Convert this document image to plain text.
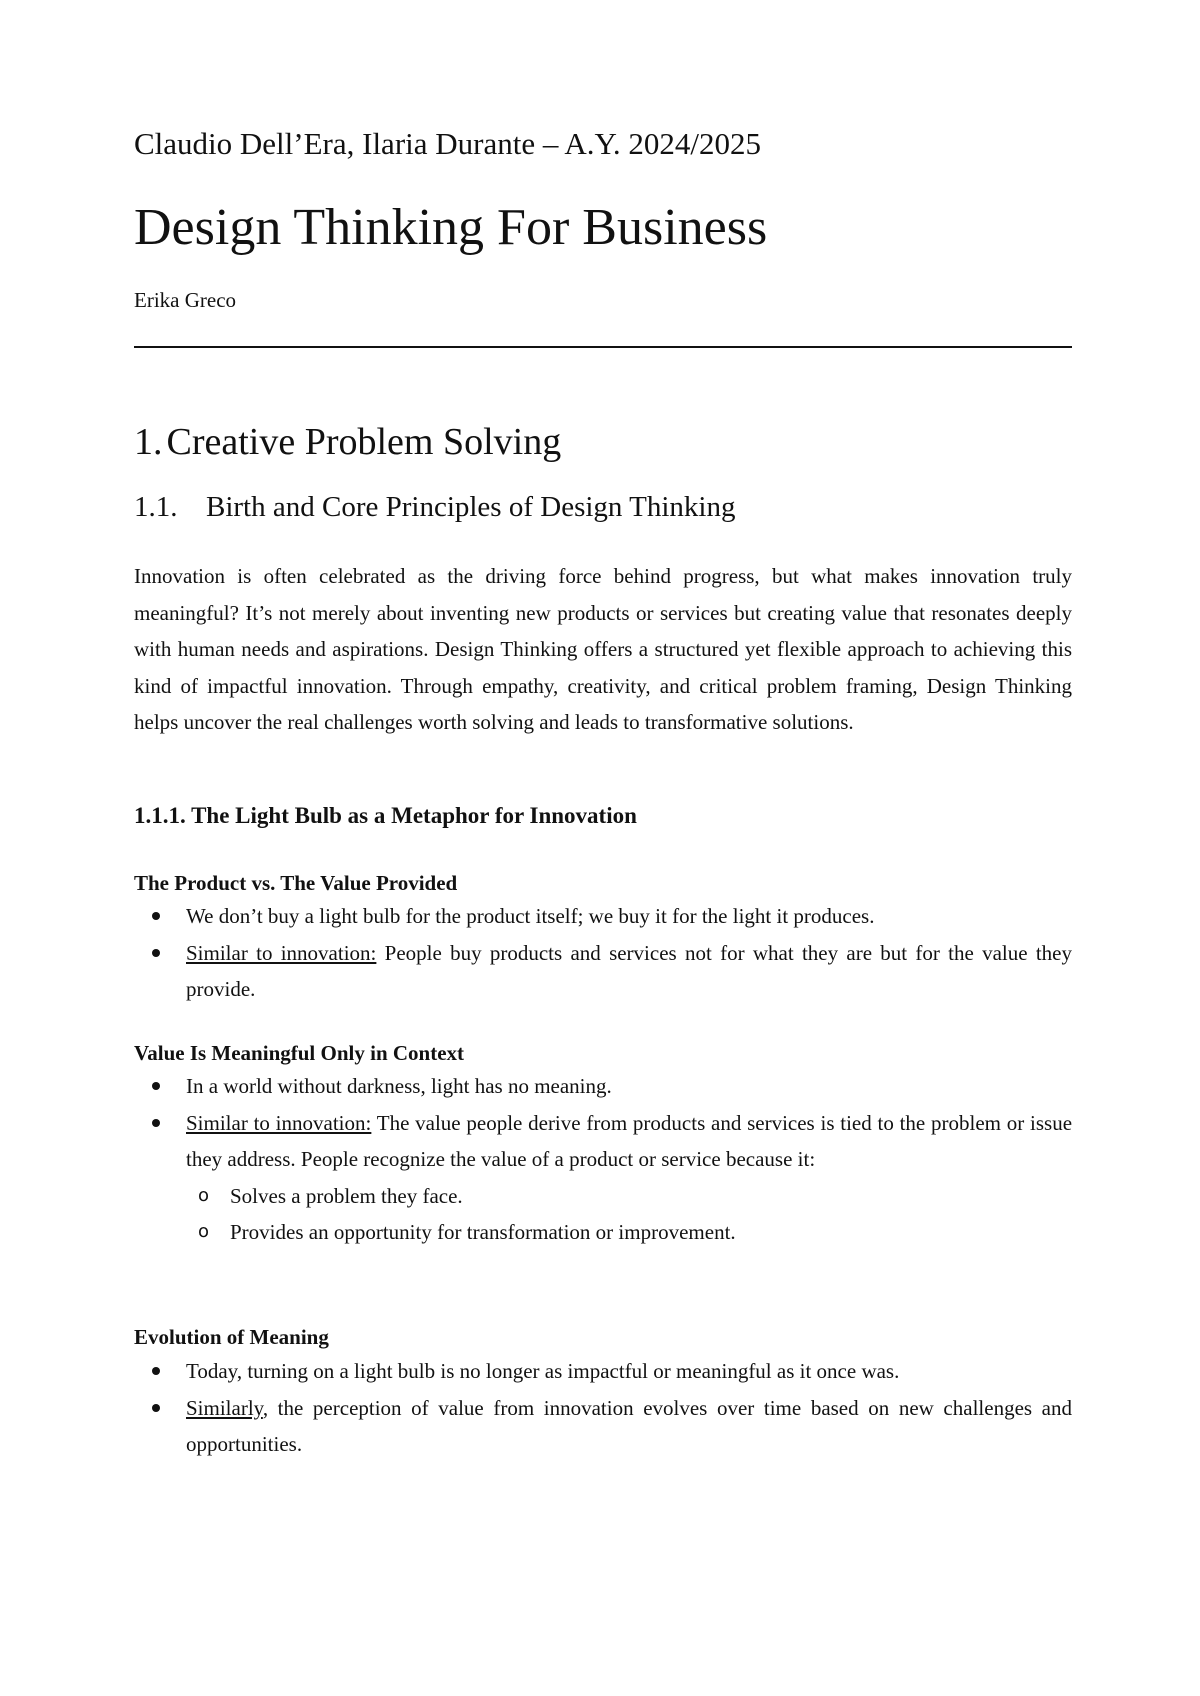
Claudio Dell’Era, Ilaria Durante – A.Y. 2024/2025
Design Thinking For Business
Erika Greco
1. Creative Problem Solving
1.1. Birth and Core Principles of Design Thinking
Innovation is often celebrated as the driving force behind progress, but what makes innovation truly meaningful? It’s not merely about inventing new products or services but creating value that resonates deeply with human needs and aspirations. Design Thinking offers a structured yet flexible approach to achieving this kind of impactful innovation. Through empathy, creativity, and critical problem framing, Design Thinking helps uncover the real challenges worth solving and leads to transformative solutions.
1.1.1. The Light Bulb as a Metaphor for Innovation
The Product vs. The Value Provided
We don’t buy a light bulb for the product itself; we buy it for the light it produces.
Similar to innovation: People buy products and services not for what they are but for the value they provide.
Value Is Meaningful Only in Context
In a world without darkness, light has no meaning.
Similar to innovation: The value people derive from products and services is tied to the problem or issue they address. People recognize the value of a product or service because it:
o Solves a problem they face.
o Provides an opportunity for transformation or improvement.
Evolution of Meaning
Today, turning on a light bulb is no longer as impactful or meaningful as it once was.
Similarly, the perception of value from innovation evolves over time based on new challenges and opportunities.
